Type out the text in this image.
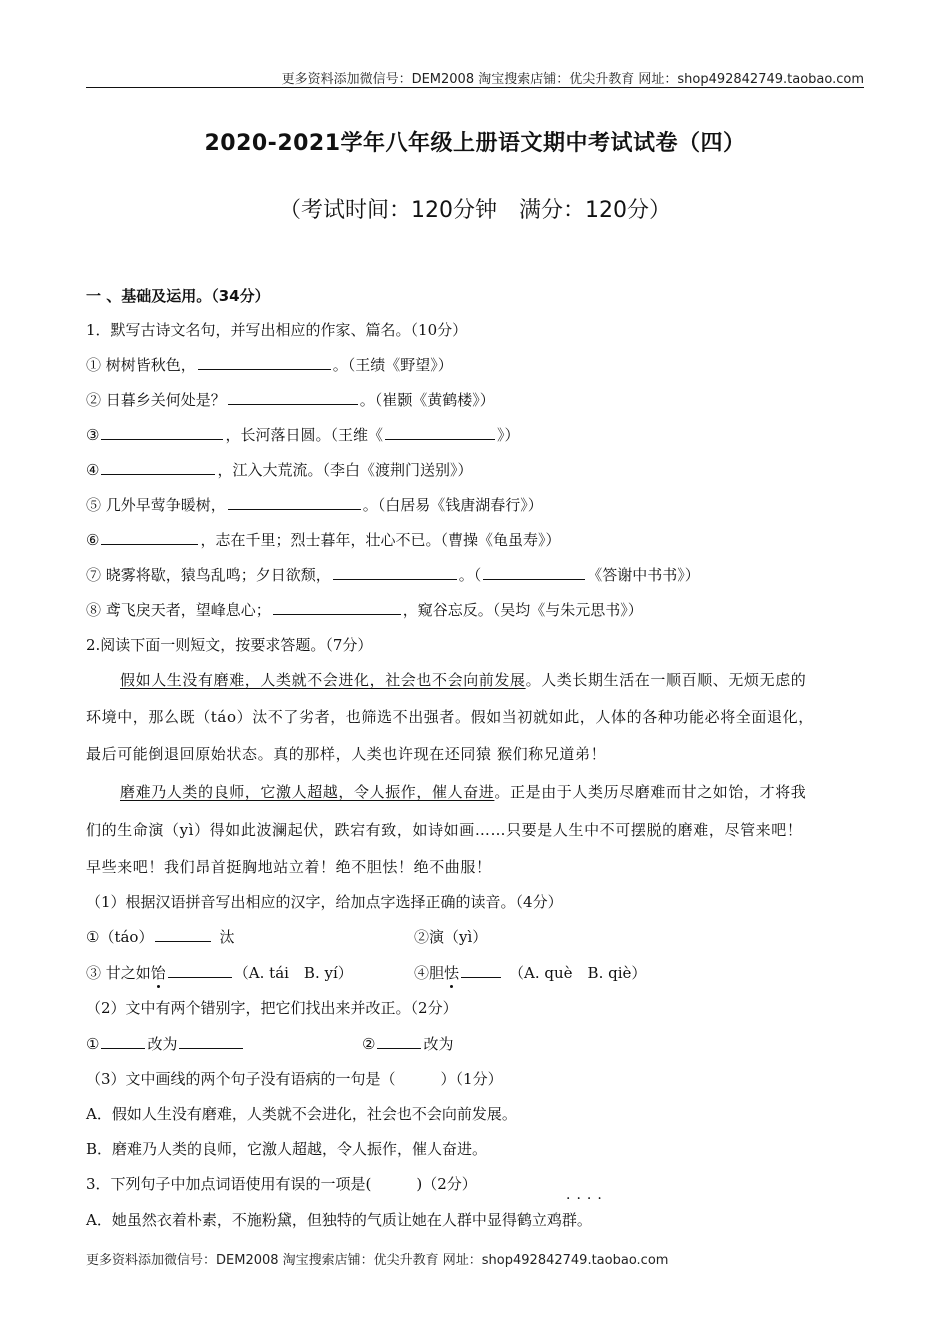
更多资料添加微信号：DEM2008 淘宝搜索店铺：优尖升教育 网址：shop492842749.taobao.com
2020-2021学年八年级上册语文期中考试试卷（四）
（考试时间：120分钟　满分：120分）
一 、基础及运用。（34分）
1．默写古诗文名句，并写出相应的作家、篇名。（10分）
① 树树皆秋色，	。（王绩《野望》）
② 日暮乡关何处是？	。（崔颢《黄鹤楼》）
③	，长河落日圆。（王维《	》）
④	，江入大荒流。（李白《渡荆门送别》）
⑤ 几外早莺争暖树，	。（白居易《钱唐湖春行》）
⑥	，志在千里；烈士暮年，壮心不已。（曹操《龟虽寿》）
⑦ 晓雾将歇，猿鸟乱鸣；夕日欲颓，	。（	《答谢中书书》）
⑧ 鸢飞戾天者，望峰息心；	，窥谷忘反。（吴均《与朱元思书》）
2.阅读下面一则短文，按要求答题。（7分）
假如人生没有磨难，人类就不会进化，社会也不会向前发展。人类长期生活在一顺百顺、无烦无虑的
环境中，那么既（táo）汰不了劣者，也筛选不出强者。假如当初就如此，人体的各种功能必将全面退化，
最后可能倒退回原始状态。真的那样，人类也许现在还同猿 猴们称兄道弟！
磨难乃人类的良师，它激人超越，令人振作，催人奋进。正是由于人类历尽磨难而甘之如饴，才将我
们的生命演（yì）得如此波澜起伏，跌宕有致，如诗如画……只要是人生中不可摆脱的磨难，尽管来吧！
早些来吧！我们昂首挺胸地站立着！绝不胆怯！绝不曲服！
（1）根据汉语拼音写出相应的汉字，给加点字选择正确的读音。（4分）
①（táo）	汰	②演（yì）
③ 甘之如饴	（A. tái　B. yí）	④胆怯	（A. què　B. qiè）
（2）文中有两个错别字，把它们找出来并改正。（2分）
①	改为	②	改为
（3）文中画线的两个句子没有语病的一句是（　　　）（1分）
A．假如人生没有磨难，人类就不会进化，社会也不会向前发展。
B．磨难乃人类的良师，它激人超越，令人振作，催人奋进。
3．下列句子中加点词语使用有误的一项是(　　　)（2分）
····
A．她虽然衣着朴素，不施粉黛，但独特的气质让她在人群中显得鹤立鸡群。
更多资料添加微信号：DEM2008 淘宝搜索店铺：优尖升教育 网址：shop492842749.taobao.com
